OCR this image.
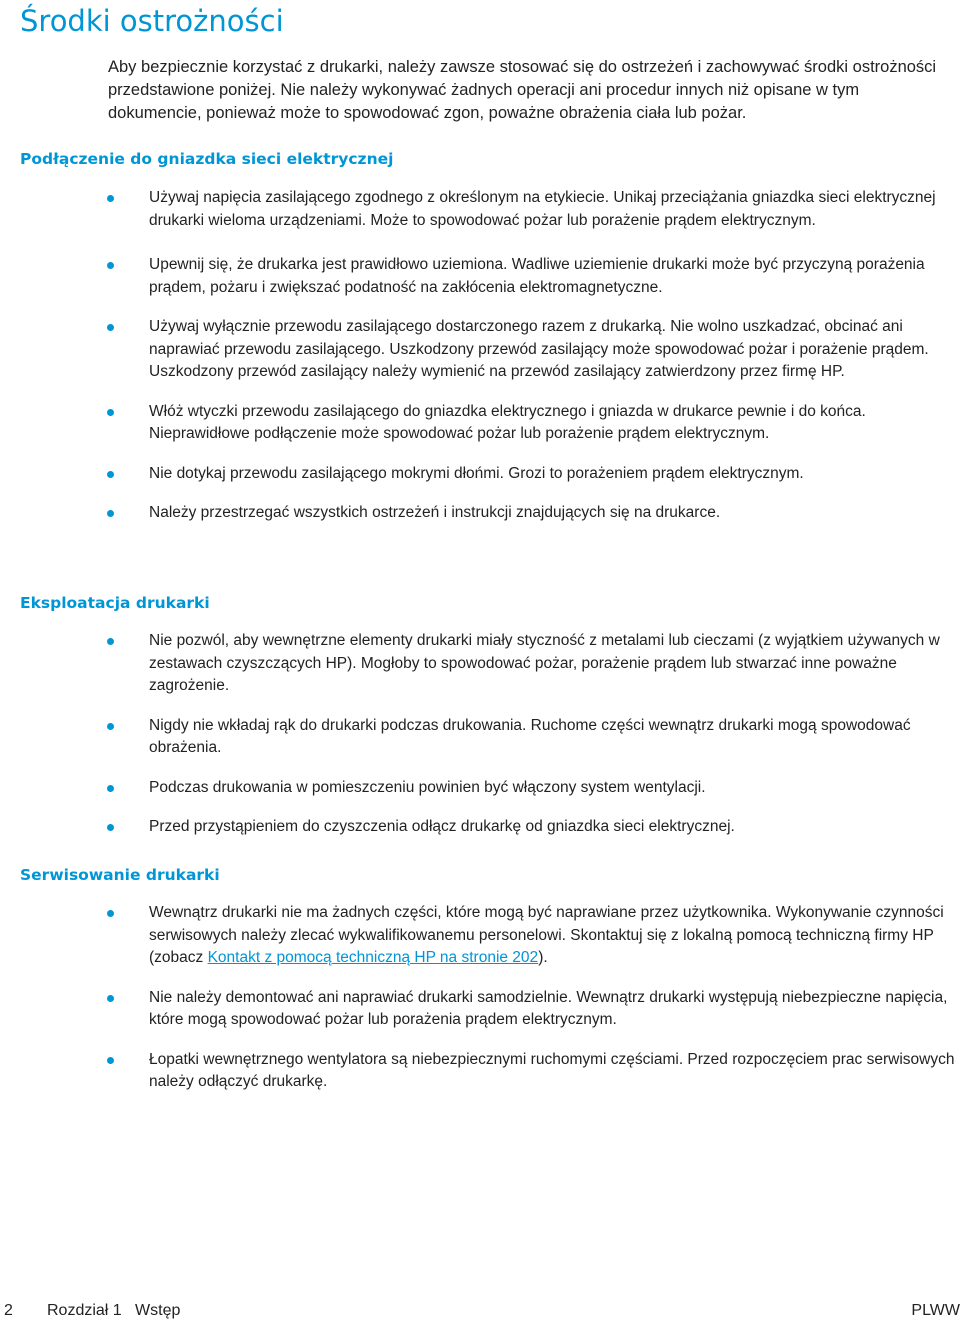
Środki ostrożności

Aby bezpiecznie korzystać z drukarki, należy zawsze stosować się do ostrzeżeń i zachowywać środki ostrożności przedstawione poniżej. Nie należy wykonywać żadnych operacji ani procedur innych niż opisane w tym dokumencie, ponieważ może to spowodować zgon, poważne obrażenia ciała lub pożar.

Podłączenie do gniazdka sieci elektrycznej
Używaj napięcia zasilającego zgodnego z określonym na etykiecie. Unikaj przeciążania gniazdka sieci elektrycznej drukarki wieloma urządzeniami. Może to spowodować pożar lub porażenie prądem elektrycznym.
Upewnij się, że drukarka jest prawidłowo uziemiona. Wadliwe uziemienie drukarki może być przyczyną porażenia prądem, pożaru i zwiększać podatność na zakłócenia elektromagnetyczne.
Używaj wyłącznie przewodu zasilającego dostarczonego razem z drukarką. Nie wolno uszkadzać, obcinać ani naprawiać przewodu zasilającego. Uszkodzony przewód zasilający może spowodować pożar i porażenie prądem. Uszkodzony przewód zasilający należy wymienić na przewód zasilający zatwierdzony przez firmę HP.
Włóż wtyczki przewodu zasilającego do gniazdka elektrycznego i gniazda w drukarce pewnie i do końca. Nieprawidłowe podłączenie może spowodować pożar lub porażenie prądem elektrycznym.
Nie dotykaj przewodu zasilającego mokrymi dłońmi. Grozi to porażeniem prądem elektrycznym.
Należy przestrzegać wszystkich ostrzeżeń i instrukcji znajdujących się na drukarce.
Eksploatacja drukarki
Nie pozwól, aby wewnętrzne elementy drukarki miały styczność z metalami lub cieczami (z wyjątkiem używanych w zestawach czyszczących HP). Mogłoby to spowodować pożar, porażenie prądem lub stwarzać inne poważne zagrożenie.
Nigdy nie wkładaj rąk do drukarki podczas drukowania. Ruchome części wewnątrz drukarki mogą spowodować obrażenia.
Podczas drukowania w pomieszczeniu powinien być włączony system wentylacji.
Przed przystąpieniem do czyszczenia odłącz drukarkę od gniazdka sieci elektrycznej.
Serwisowanie drukarki
Wewnątrz drukarki nie ma żadnych części, które mogą być naprawiane przez użytkownika. Wykonywanie czynności serwisowych należy zlecać wykwalifikowanemu personelowi. Skontaktuj się z lokalną pomocą techniczną firmy HP (zobacz Kontakt z pomocą techniczną HP na stronie 202).
Nie należy demontować ani naprawiać drukarki samodzielnie. Wewnątrz drukarki występują niebezpieczne napięcia, które mogą spowodować pożar lub porażenia prądem elektrycznym.
Łopatki wewnętrznego wentylatora są niebezpiecznymi ruchomymi częściami. Przed rozpoczęciem prac serwisowych należy odłączyć drukarkę.
2 Rozdział 1   Wstęp	PLWW
